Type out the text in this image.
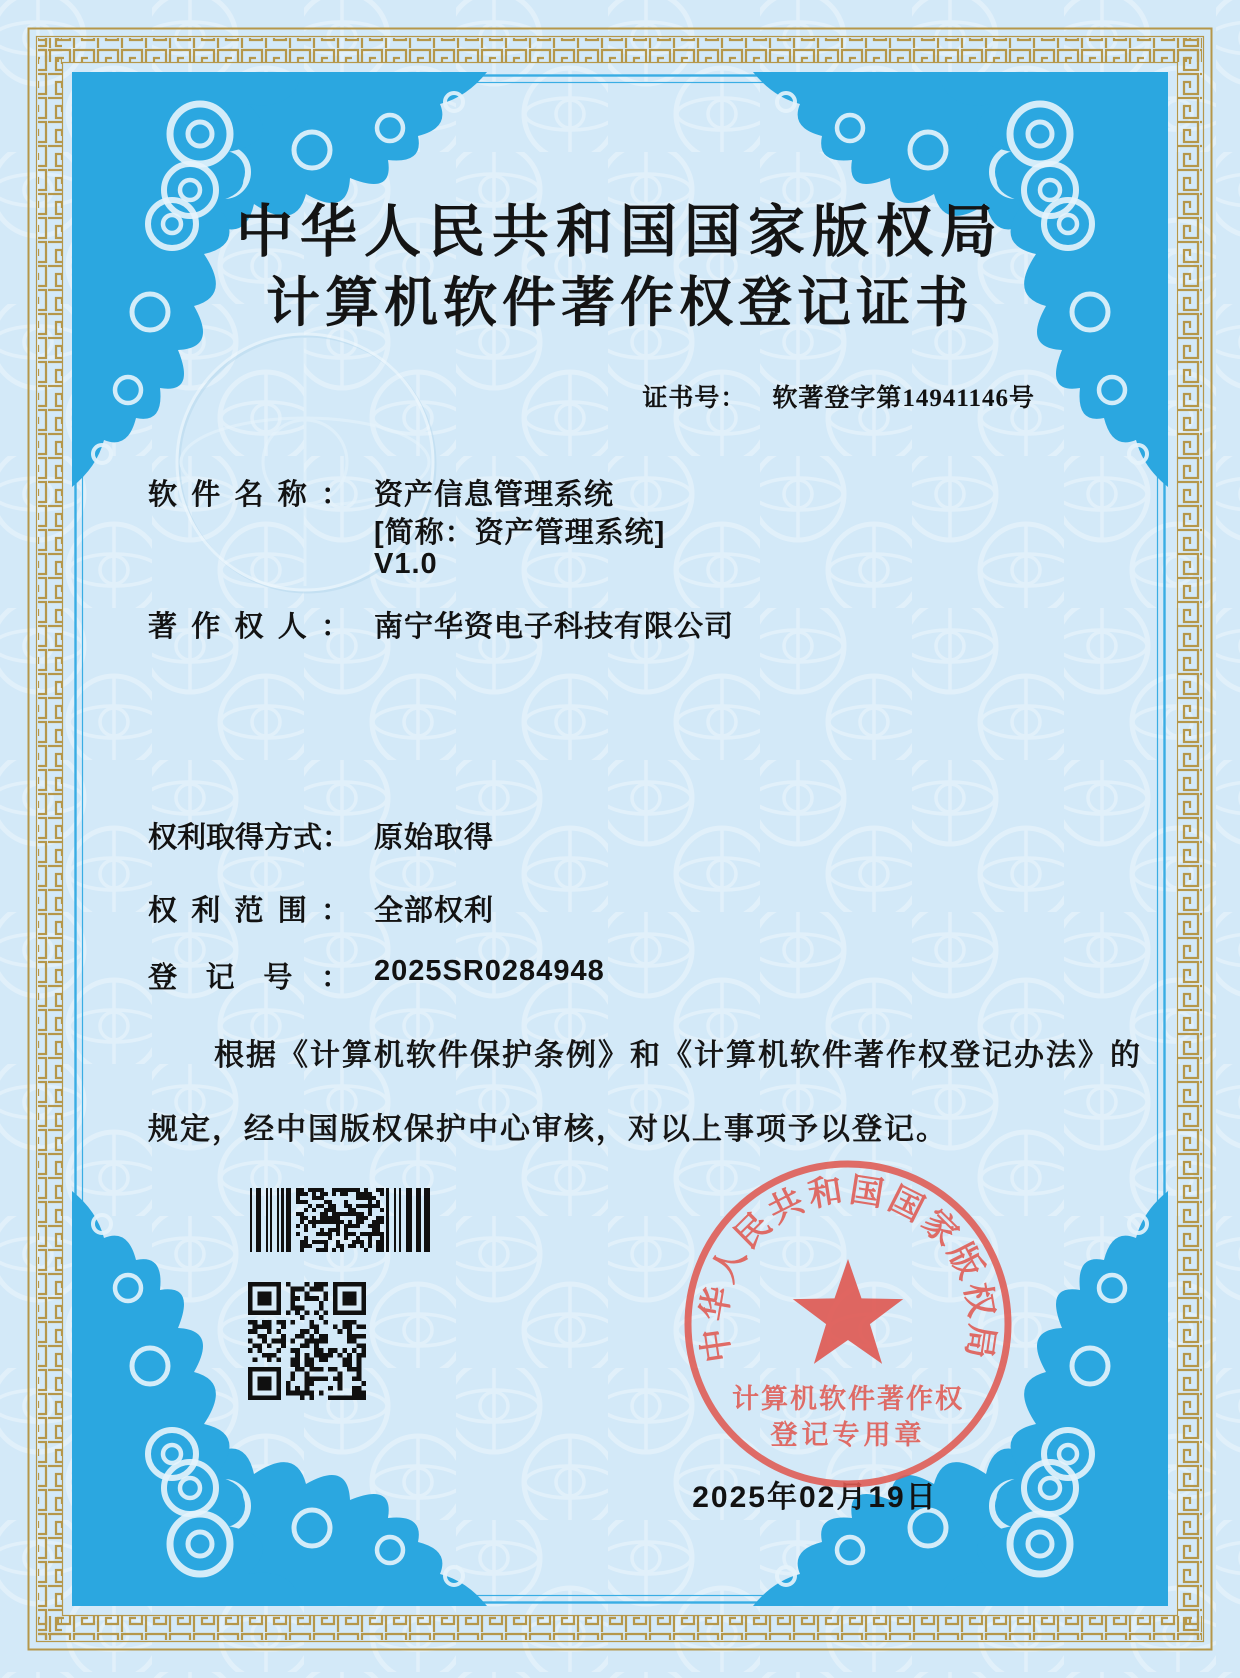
中华人民共和国国家版权局
计算机软件著作权登记证书
证书号： 软著登字第14941146号
软件名称： 资产信息管理系统
[简称：资产管理系统]
V1.0
著作权人： 南宁华资电子科技有限公司
权利取得方式： 原始取得
权利范围： 全部权利
登记号： 2025SR0284948
根据《计算机软件保护条例》和《计算机软件著作权登记办法》的
规定，经中国版权保护中心审核，对以上事项予以登记。
中华人民共和国国家版权局
计算机软件著作权
登记专用章
2025年02月19日
